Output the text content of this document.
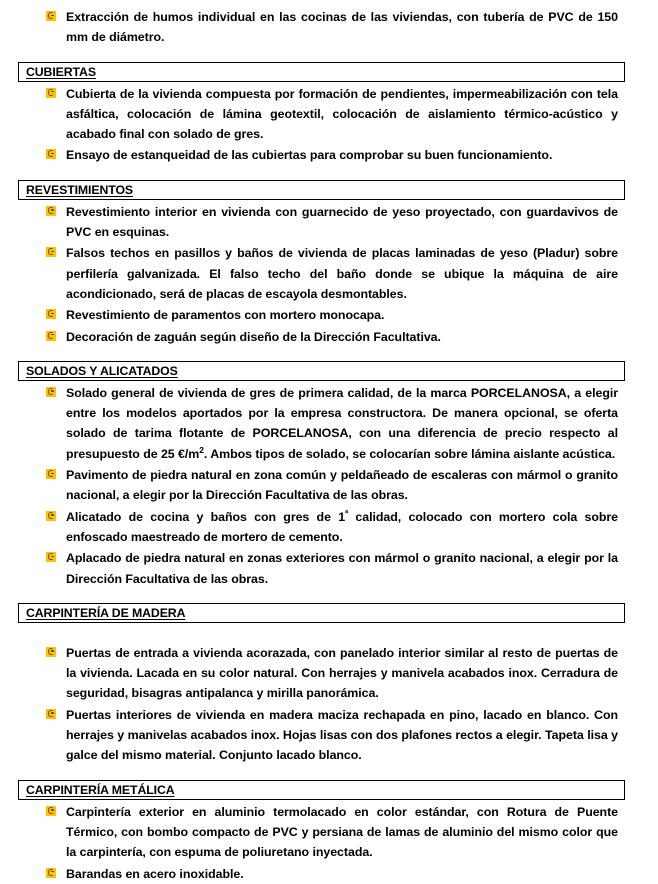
Extracción de humos individual en las cocinas de las viviendas, con tubería de PVC de 150 mm de diámetro.
CUBIERTAS
Cubierta de la vivienda compuesta por formación de pendientes, impermeabilización con tela asfáltica, colocación de lámina geotextil, colocación de aislamiento térmico-acústico y acabado final con solado de gres.
Ensayo de estanqueidad de las cubiertas para comprobar su buen funcionamiento.
REVESTIMIENTOS
Revestimiento interior en vivienda con guarnecido de yeso proyectado, con guardavivos de PVC en esquinas.
Falsos techos en pasillos y baños de vivienda de placas laminadas de yeso (Pladur) sobre perfilería galvanizada. El falso techo del baño donde se ubique la máquina de aire acondicionado, será de placas de escayola desmontables.
Revestimiento de paramentos con mortero monocapa.
Decoración de zaguán según diseño de la Dirección Facultativa.
SOLADOS Y ALICATADOS
Solado general de vivienda de gres de primera calidad, de la marca PORCELANOSA, a elegir entre los modelos aportados por la empresa constructora. De manera opcional, se oferta solado de tarima flotante de PORCELANOSA, con una diferencia de precio respecto al presupuesto de 25 $€/m^2$. Ambos tipos de solado, se colocarían sobre lámina aislante acústica.
Pavimento de piedra natural en zona común y peldañeado de escaleras con mármol o granito nacional, a elegir por la Dirección Facultativa de las obras.
Alicatado de cocina y baños con gres de $1^ª$ calidad, colocado con mortero cola sobre enfoscado maestreado de mortero de cemento.
Aplacado de piedra natural en zonas exteriores con mármol o granito nacional, a elegir por la Dirección Facultativa de las obras.
CARPINTERÍA DE MADERA
Puertas de entrada a vivienda acorazada, con panelado interior similar al resto de puertas de la vivienda. Lacada en su color natural. Con herrajes y manivela acabados inox. Cerradura de seguridad, bisagras antipalanca y mirilla panorámica.
Puertas interiores de vivienda en madera maciza rechapada en pino, lacado en blanco. Con herrajes y manivelas acabados inox. Hojas lisas con dos plafones rectos a elegir. Tapeta lisa y galce del mismo material. Conjunto lacado blanco.
CARPINTERÍA METÁLICA
Carpintería exterior en aluminio termolacado en color estándar, con Rotura de Puente Térmico, con bombo compacto de PVC y persiana de lamas de aluminio del mismo color que la carpintería, con espuma de poliuretano inyectada.
Barandas en acero inoxidable.
